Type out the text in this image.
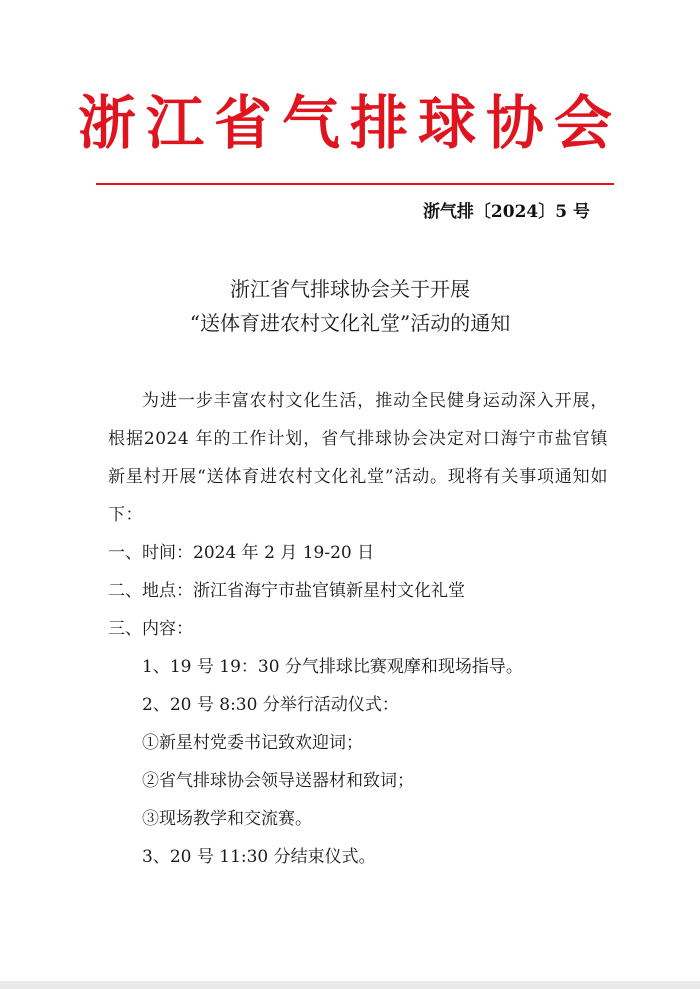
浙江省气排球协会
浙气排〔2024〕5 号
浙江省气排球协会关于开展
“送体育进农村文化礼堂”活动的通知

为进一步丰富农村文化生活，推动全民健身运动深入开展，根据2024 年的工作计划，省气排球协会决定对口海宁市盐官镇新星村开展“送体育进农村文化礼堂”活动。现将有关事项通知如下：

一、时间：2024 年 2 月 19-20 日

二、地点：浙江省海宁市盐官镇新星村文化礼堂

三、内容：

1、19 号 19：30 分气排球比赛观摩和现场指导。

2、20 号 8:30 分举行活动仪式：

①新星村党委书记致欢迎词；

②省气排球协会领导送器材和致词；

③现场教学和交流赛。

3、20 号 11:30 分结束仪式。
